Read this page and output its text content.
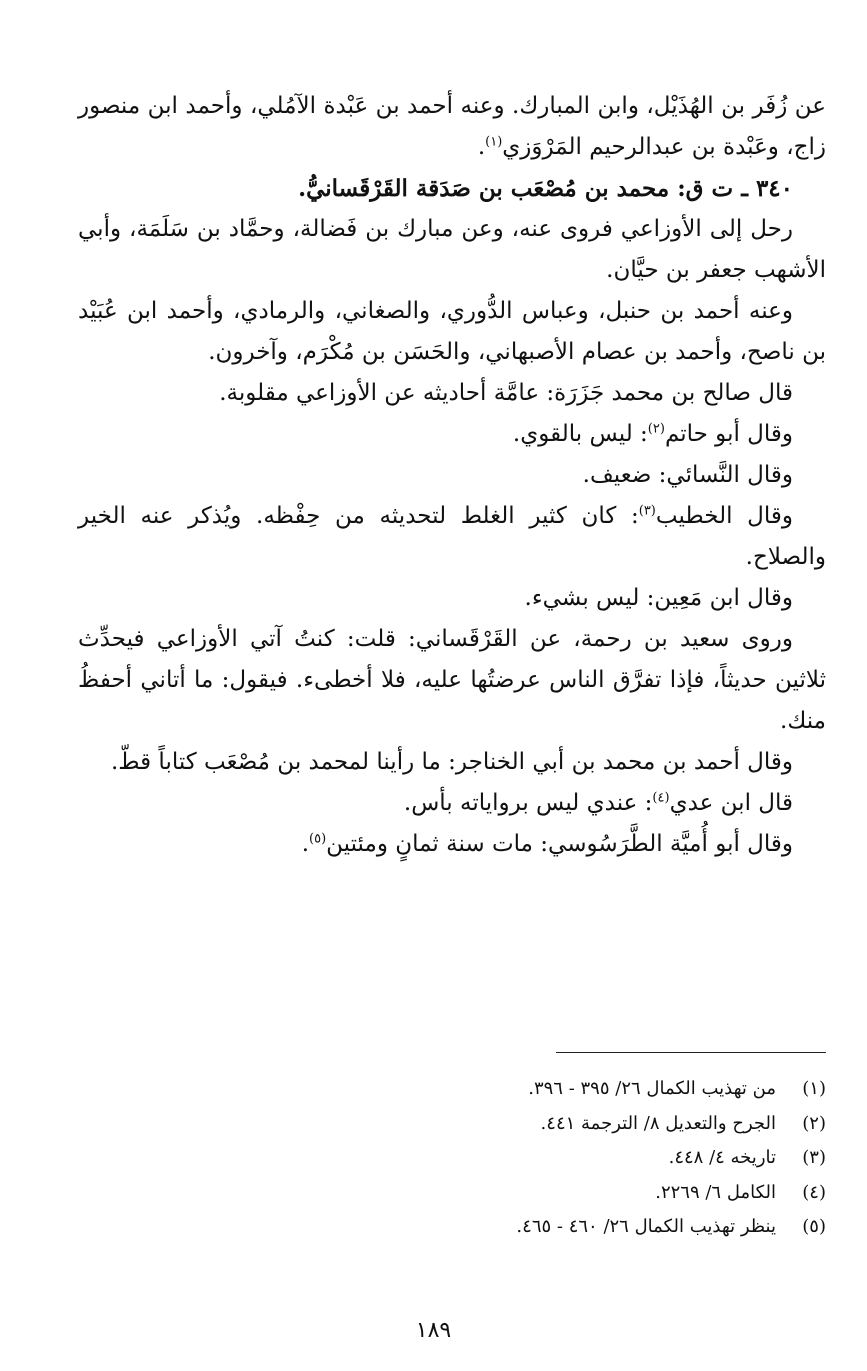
عن زُفَر بن الهُذَيْل، وابن المبارك. وعنه أحمد بن عَبْدة الآمُلي، وأحمد ابن منصور زاج، وعَبْدة بن عبدالرحيم المَرْوَزي$^{(١)}$.

٣٤٠ ـ ت ق: محمد بن مُصْعَب بن صَدَقة القَرْقَسانيُّ.

رحل إلى الأوزاعي فروى عنه، وعن مبارك بن فَضالة، وحمَّاد بن سَلَمَة، وأبي الأشهب جعفر بن حيَّان.

وعنه أحمد بن حنبل، وعباس الدُّوري، والصغاني، والرمادي، وأحمد ابن عُبَيْد بن ناصح، وأحمد بن عصام الأصبهاني، والحَسَن بن مُكْرَم، وآخرون.

قال صالح بن محمد جَزَرَة: عامَّة أحاديثه عن الأوزاعي مقلوبة.

وقال أبو حاتم$^{(٢)}$: ليس بالقوي.

وقال النَّسائي: ضعيف.

وقال الخطيب$^{(٣)}$: كان كثير الغلط لتحديثه من حِفْظه. ويُذكر عنه الخير والصلاح.

وقال ابن مَعِين: ليس بشيء.

وروى سعيد بن رحمة، عن القَرْقَساني: قلت: كنتُ آتي الأوزاعي فيحدِّث ثلاثين حديثاً، فإذا تفرَّق الناس عرضتُها عليه، فلا أخطىء. فيقول: ما أتاني أحفظُ منك.

وقال أحمد بن محمد بن أبي الخناجر: ما رأينا لمحمد بن مُصْعَب كتاباً قطّ.

قال ابن عدي$^{(٤)}$: عندي ليس برواياته بأس.

وقال أبو أُميَّة الطَّرَسُوسي: مات سنة ثمانٍ ومئتين$^{(٥)}$.

(١)
من تهذيب الكمال ٢٦/ ٣٩٥ - ٣٩٦.
(٢)
الجرح والتعديل ٨/ الترجمة ٤٤١.
(٣)
تاريخه ٤/ ٤٤٨.
(٤)
الكامل ٦/ ٢٢٦٩.
(٥)
ينظر تهذيب الكمال ٢٦/ ٤٦٠ - ٤٦٥.
١٨٩
